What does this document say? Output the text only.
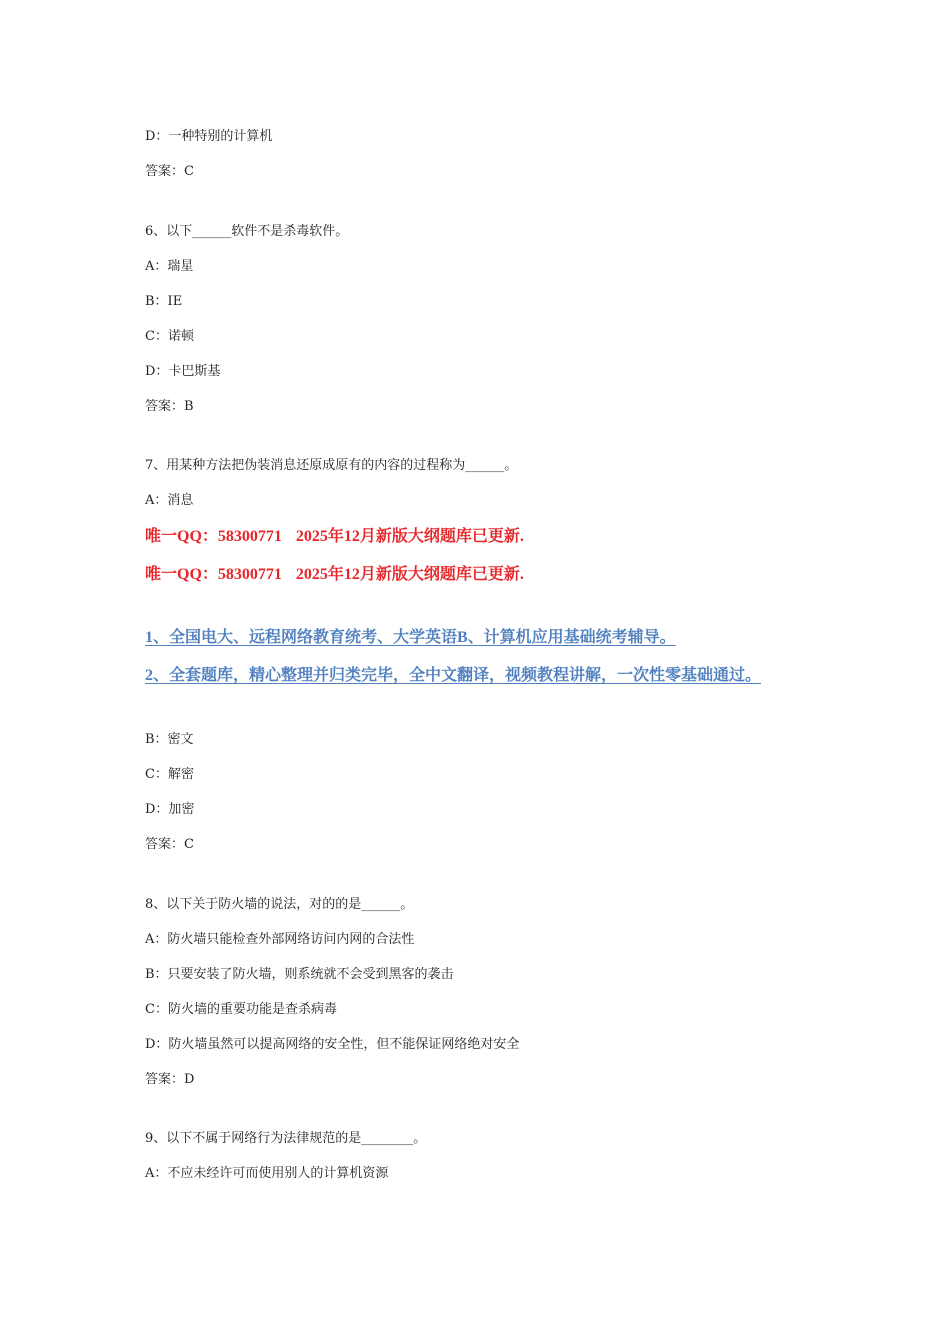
D：一种特别的计算机
答案：C
6、以下______软件不是杀毒软件。
A：瑞星
B：IE
C：诺顿
D：卡巴斯基
答案：B
7、用某种方法把伪装消息还原成原有的内容的过程称为______。
A：消息
唯一QQ：58300771 2025年12月新版大纲题库已更新.
唯一QQ：58300771 2025年12月新版大纲题库已更新.
1、全国电大、远程网络教育统考、大学英语B、计算机应用基础统考辅导。
2、全套题库，精心整理并归类完毕，全中文翻译，视频教程讲解，一次性零基础通过。
B：密文
C：解密
D：加密
答案：C
8、以下关于防火墙的说法，对的的是______。
A：防火墙只能检查外部网络访问内网的合法性
B：只要安装了防火墙，则系统就不会受到黑客的袭击
C：防火墙的重要功能是查杀病毒
D：防火墙虽然可以提高网络的安全性，但不能保证网络绝对安全
答案：D
9、以下不属于网络行为法律规范的是________。
A：不应未经许可而使用别人的计算机资源
